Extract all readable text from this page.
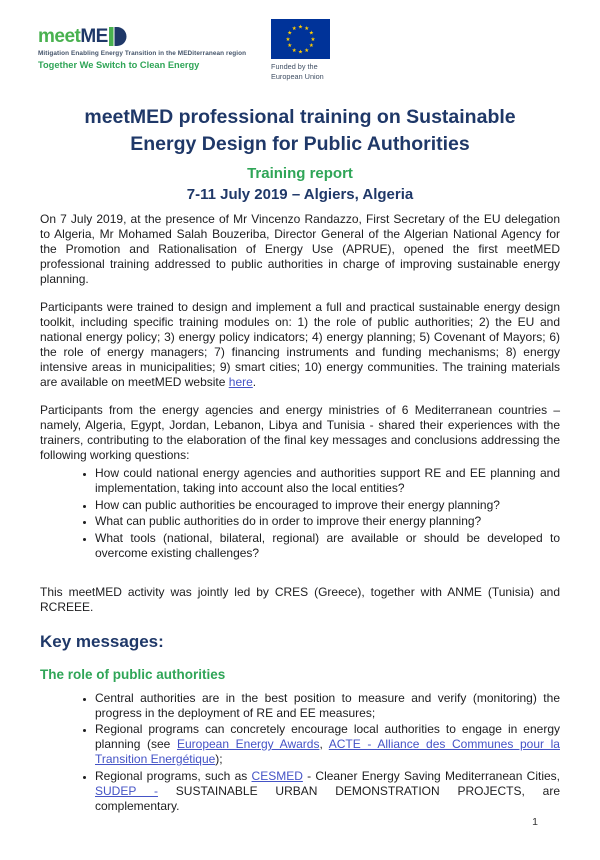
meet ME
Mitigation Enabling Energy Transition in the MEDiterranean region
Together We Switch to Clean Energy
★ ★
★
★
★
★
★
★
★
★
★
★
Funded by the
European Union
meetMED professional training on Sustainable
Energy Design for Public Authorities
Training report
7-11 July 2019 – Algiers, Algeria

On 7 July 2019, at the presence of Mr Vincenzo Randazzo, First Secretary of the EU delegation to Algeria, Mr Mohamed Salah Bouzeriba, Director General of the Algerian National Agency for the Promotion and Rationalisation of Energy Use (APRUE), opened the first meetMED professional training addressed to public authorities in charge of improving sustainable energy planning.

Participants were trained to design and implement a full and practical sustainable energy design toolkit, including specific training modules on: 1) the role of public authorities; 2) the EU and national energy policy; 3) energy policy indicators; 4) energy planning; 5) Covenant of Mayors; 6) the role of energy managers; 7) financing instruments and funding mechanisms; 8) energy intensive areas in municipalities; 9) smart cities; 10) energy communities. The training materials are available on meetMED website here.

Participants from the energy agencies and energy ministries of 6 Mediterranean countries – namely, Algeria, Egypt, Jordan, Lebanon, Libya and Tunisia - shared their experiences with the trainers, contributing to the elaboration of the final key messages and conclusions addressing the following working questions:

• How could national energy agencies and authorities support RE and EE planning and implementation, taking into account also the local entities?
• How can public authorities be encouraged to improve their energy planning?
• What can public authorities do in order to improve their energy planning?
• What tools (national, bilateral, regional) are available or should be developed to overcome existing challenges?

This meetMED activity was jointly led by CRES (Greece), together with ANME (Tunisia) and RCREEE.

Key messages:
The role of public authorities
• Central authorities are in the best position to measure and verify (monitoring) the progress in the deployment of RE and EE measures;
• Regional programs can concretely encourage local authorities to engage in energy planning (see European Energy Awards, ACTE - Alliance des Communes pour la Transition Energétique);
• Regional programs, such as CESMED - Cleaner Energy Saving Mediterranean Cities, SUDEP - SUSTAINABLE URBAN DEMONSTRATION PROJECTS, are complementary.
1
